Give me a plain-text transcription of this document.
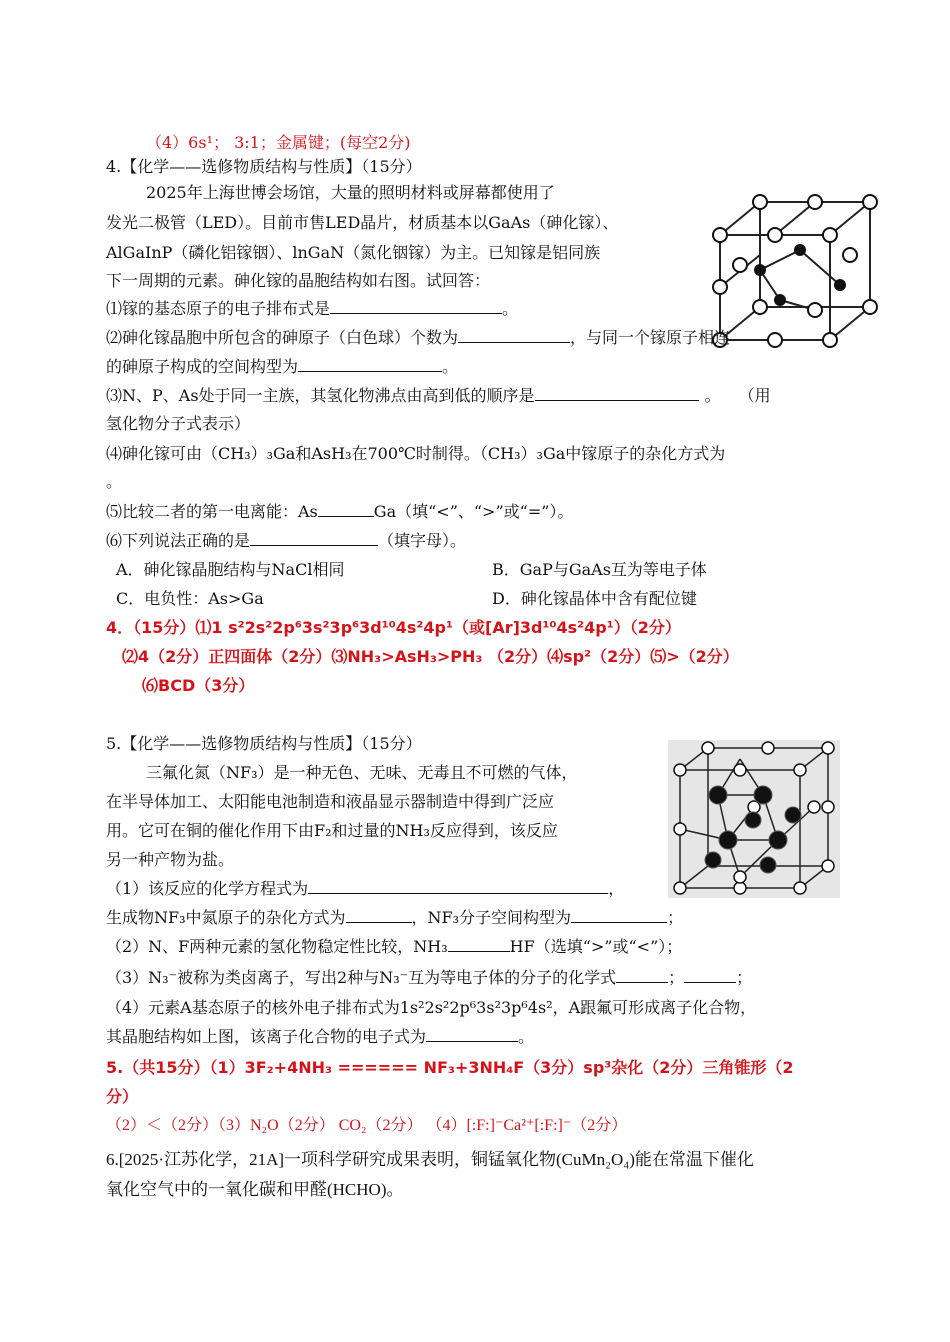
（4）6s¹； 3:1；金属键；(每空2分)
4.【化学——选修物质结构与性质】（15分）
2025年上海世博会场馆，大量的照明材料或屏幕都使用了
发光二极管（LED）。目前市售LED晶片，材质基本以GaAs（砷化镓）、
AlGaInP（磷化铝镓铟）、lnGaN（氮化铟镓）为主。已知镓是铝同族
下一周期的元素。砷化镓的晶胞结构如右图。试回答：
⑴镓的基态原子的电子排布式是	。
⑵砷化镓晶胞中所包含的砷原子（白色球）个数为	，与同一个镓原子相连
的砷原子构成的空间构型为	。
⑶N、P、As处于同一主族，其氢化物沸点由高到低的顺序是	。 （用
氢化物分子式表示）
⑷砷化镓可由（CH₃）₃Ga和AsH₃在700℃时制得。（CH₃）₃Ga中镓原子的杂化方式为
。
⑸比较二者的第一电离能：As	Ga（填“<”、“>”或“=”）。
⑹下列说法正确的是	（填字母）。
A．砷化镓晶胞结构与NaCl相同	B．GaP与GaAs互为等电子体
C．电负性：As>Ga	D．砷化镓晶体中含有配位键
4．（15分）⑴1 s²2s²2p⁶3s²3p⁶3d¹⁰4s²4p¹（或[Ar]3d¹⁰4s²4p¹）（2分）
⑵4（2分）正四面体（2分）⑶NH₃>AsH₃>PH₃ （2分）⑷sp²（2分）⑸>（2分）
⑹BCD（3分）
5.【化学——选修物质结构与性质】（15分）
三氟化氮（NF₃）是一种无色、无味、无毒且不可燃的气体，
在半导体加工、太阳能电池制造和液晶显示器制造中得到广泛应
用。它可在铜的催化作用下由F₂和过量的NH₃反应得到，该反应
另一种产物为盐。
（1）该反应的化学方程式为	，
生成物NF₃中氮原子的杂化方式为	，NF₃分子空间构型为	；
（2）N、F两种元素的氢化物稳定性比较，NH₃	HF（选填“>”或“<”）；
（3）N₃⁻被称为类卤离子，写出2种与N₃⁻互为等电子体的分子的化学式	；	；
（4）元素A基态原子的核外电子排布式为1s²2s²2p⁶3s²3p⁶4s²，A跟氟可形成离子化合物，
其晶胞结构如上图，该离子化合物的电子式为	。
5.（共15分）（1）3F₂+4NH₃ ====== NF₃+3NH₄F（3分）sp³杂化（2分）三角锥形（2
分）
（2）＜（2分）（3）N₂O（2分） CO₂（2分） （4）[:F:]⁻Ca²⁺[:F:]⁻（2分）
6.[2025·江苏化学，21A]一项科学研究成果表明，铜锰氧化物(CuMn₂O₄)能在常温下催化
氧化空气中的一氧化碳和甲醛(HCHO)。
